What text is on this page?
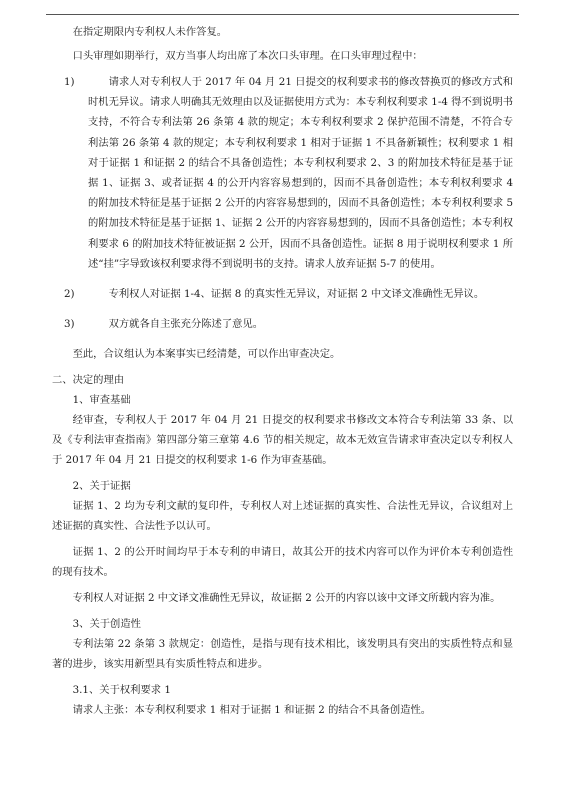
在指定期限内专利权人未作答复。

口头审理如期举行，双方当事人均出席了本次口头审理。在口头审理过程中：

1)	请求人对专利权人于 2017 年 04 月 21 日提交的权利要求书的修改替换页的修改方式和时机无异议。请求人明确其无效理由以及证据使用方式为：本专利权利要求 1-4 得不到说明书支持，不符合专利法第 26 条第 4 款的规定；本专利权利要求 2 保护范围不清楚，不符合专利法第 26 条第 4 款的规定；本专利权利要求 1 相对于证据 1 不具备新颖性；权利要求 1 相对于证据 1 和证据 2 的结合不具备创造性；本专利权利要求 2、3 的附加技术特征是基于证据 1、证据 3、或者证据 4 的公开内容容易想到的，因而不具备创造性；本专利权利要求 4 的附加技术特征是基于证据 2 公开的内容容易想到的，因而不具备创造性；本专利权利要求 5 的附加技术特征是基于证据 1、证据 2 公开的内容容易想到的，因而不具备创造性；本专利权利要求 6 的附加技术特征被证据 2 公开，因而不具备创造性。证据 8 用于说明权利要求 1 所述“挂”字导致该权利要求得不到说明书的支持。请求人放弃证据 5-7 的使用。
2)	专利权人对证据 1-4、证据 8 的真实性无异议，对证据 2 中文译文准确性无异议。
3)	双方就各自主张充分陈述了意见。

至此，合议组认为本案事实已经清楚，可以作出审查决定。

二、决定的理由

1、审查基础

经审查，专利权人于 2017 年 04 月 21 日提交的权利要求书修改文本符合专利法第 33 条、以及《专利法审查指南》第四部分第三章第 4.6 节的相关规定，故本无效宣告请求审查决定以专利权人于 2017 年 04 月 21 日提交的权利要求 1-6 作为审查基础。

2、关于证据

证据 1、2 均为专利文献的复印件，专利权人对上述证据的真实性、合法性无异议，合议组对上述证据的真实性、合法性予以认可。

证据 1、2 的公开时间均早于本专利的申请日，故其公开的技术内容可以作为评价本专利创造性的现有技术。

专利权人对证据 2 中文译文准确性无异议，故证据 2 公开的内容以该中文译文所载内容为准。

3、关于创造性

专利法第 22 条第 3 款规定：创造性，是指与现有技术相比，该发明具有突出的实质性特点和显著的进步，该实用新型具有实质性特点和进步。

3.1、关于权利要求 1

请求人主张：本专利权利要求 1 相对于证据 1 和证据 2 的结合不具备创造性。
